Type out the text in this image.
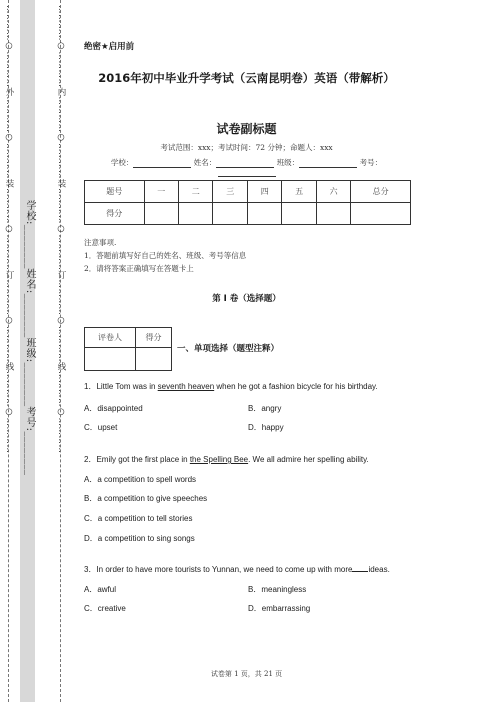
…………○…………外…………○…………装…………○…………订…………○…………线…………○…………	…………○…………内…………○…………装…………○…………订…………○…………线…………○…………
学校:________姓名:________班级:________考号:________
绝密★启用前
2016年初中毕业升学考试（云南昆明卷）英语（带解析）
试卷副标题
考试范围：xxx；考试时间：72 分钟；命题人：xxx
学校：	姓名：	班级：	考号：
题号	一	二	三	四	五	六	总分
得分							
注意事项.
1．答题前填写好自己的姓名、班级、考号等信息
2．请将答案正确填写在答题卡上
第 I 卷（选择题）
评卷人	得分

一、单项选择（题型注释）
1．Little Tom was in seventh heaven when he got a fashion bicycle for his birthday.
A．disappointed	B．angry
C．upset	D．happy
2．Emily got the first place in the Spelling Bee. We all admire her spelling ability.
A．a competition to spell words
B．a competition to give speeches
C．a competition to tell stories
D．a competition to sing songs
3．In order to have more tourists to Yunnan, we need to come up with more ideas.
A．awful	B．meaningless
C．creative	D．embarrassing
试卷第 1 页，共 21 页
